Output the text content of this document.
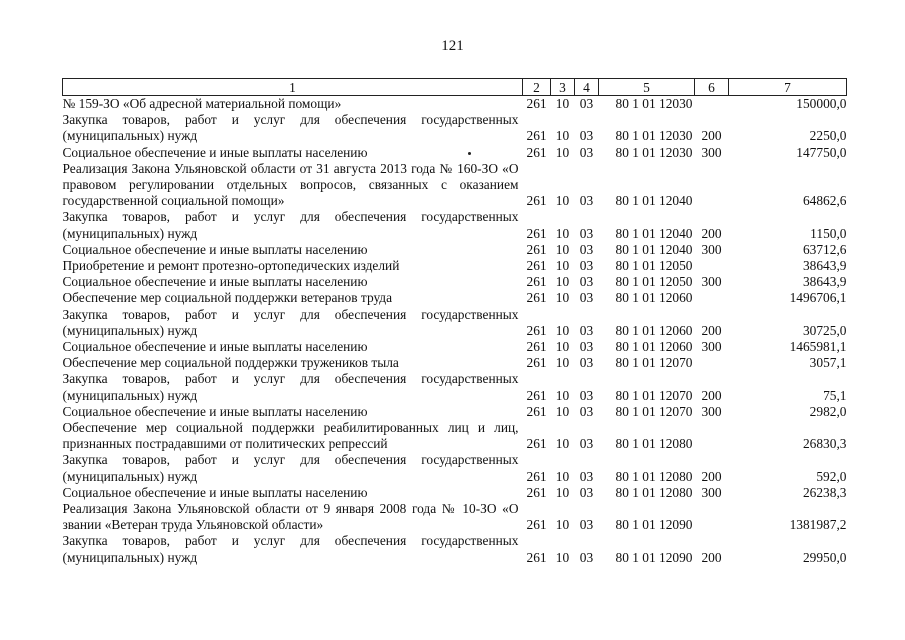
121
1	2	3	4	5	6	7
№ 159-ЗО «Об адресной материальной помощи»	261	10	03	80 1 01 12030		150000,0
Закупка товаров, работ и услуг для обеспечения государственных (муниципальных) нужд	261	10	03	80 1 01 12030	200	2250,0
Социальное обеспечение и иные выплаты населению	261	10	03	80 1 01 12030	300	147750,0
Реализация Закона Ульяновской области от 31 августа 2013 года № 160-ЗО «О правовом регулировании отдельных вопросов, связанных с оказанием государственной социальной помощи»	261	10	03	80 1 01 12040		64862,6
Закупка товаров, работ и услуг для обеспечения государственных (муниципальных) нужд	261	10	03	80 1 01 12040	200	1150,0
Социальное обеспечение и иные выплаты населению	261	10	03	80 1 01 12040	300	63712,6
Приобретение и ремонт протезно-ортопедических изделий	261	10	03	80 1 01 12050		38643,9
Социальное обеспечение и иные выплаты населению	261	10	03	80 1 01 12050	300	38643,9
Обеспечение мер социальной поддержки ветеранов труда	261	10	03	80 1 01 12060		1496706,1
Закупка товаров, работ и услуг для обеспечения государственных (муниципальных) нужд	261	10	03	80 1 01 12060	200	30725,0
Социальное обеспечение и иные выплаты населению	261	10	03	80 1 01 12060	300	1465981,1
Обеспечение мер социальной поддержки тружеников тыла	261	10	03	80 1 01 12070		3057,1
Закупка товаров, работ и услуг для обеспечения государственных (муниципальных) нужд	261	10	03	80 1 01 12070	200	75,1
Социальное обеспечение и иные выплаты населению	261	10	03	80 1 01 12070	300	2982,0
Обеспечение мер социальной поддержки реабилитированных лиц и лиц, признанных пострадавшими от политических репрессий	261	10	03	80 1 01 12080		26830,3
Закупка товаров, работ и услуг для обеспечения государственных (муниципальных) нужд	261	10	03	80 1 01 12080	200	592,0
Социальное обеспечение и иные выплаты населению	261	10	03	80 1 01 12080	300	26238,3
Реализация Закона Ульяновской области от 9 января 2008 года № 10-ЗО «О звании «Ветеран труда Ульяновской области»	261	10	03	80 1 01 12090		1381987,2
Закупка товаров, работ и услуг для обеспечения государственных (муниципальных) нужд	261	10	03	80 1 01 12090	200	29950,0
